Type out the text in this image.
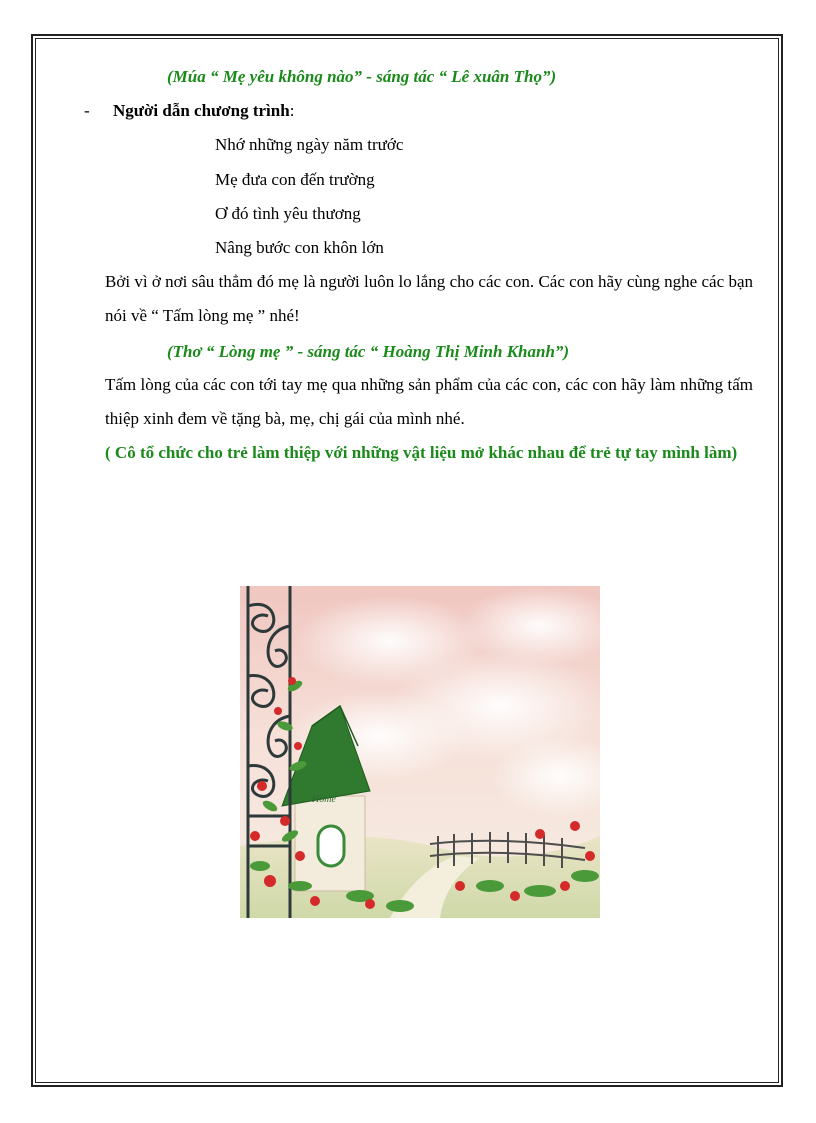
(Múa “ Mẹ yêu không nào” - sáng tác “ Lê xuân Thọ”)
- Người dẫn chương trình:
Nhớ những ngày năm trước
Mẹ đưa con đến trường
Ơ đó tình yêu thương
Nâng bước con khôn lớn
Bởi vì ở nơi sâu thẳm đó mẹ là người luôn lo lắng cho các con. Các con hãy cùng nghe các bạn nói về “ Tấm lòng mẹ ” nhé!
(Thơ “ Lòng mẹ ” - sáng tác “ Hoàng Thị Minh Khanh”)
Tấm lòng của các con tới tay mẹ qua những sản phẩm của các con, các con hãy làm những tấm thiệp xinh đem về tặng bà, mẹ, chị gái của mình nhé.
( Cô tổ chức cho trẻ làm thiệp với những vật liệu mở khác nhau để trẻ tự tay mình làm)
Home
